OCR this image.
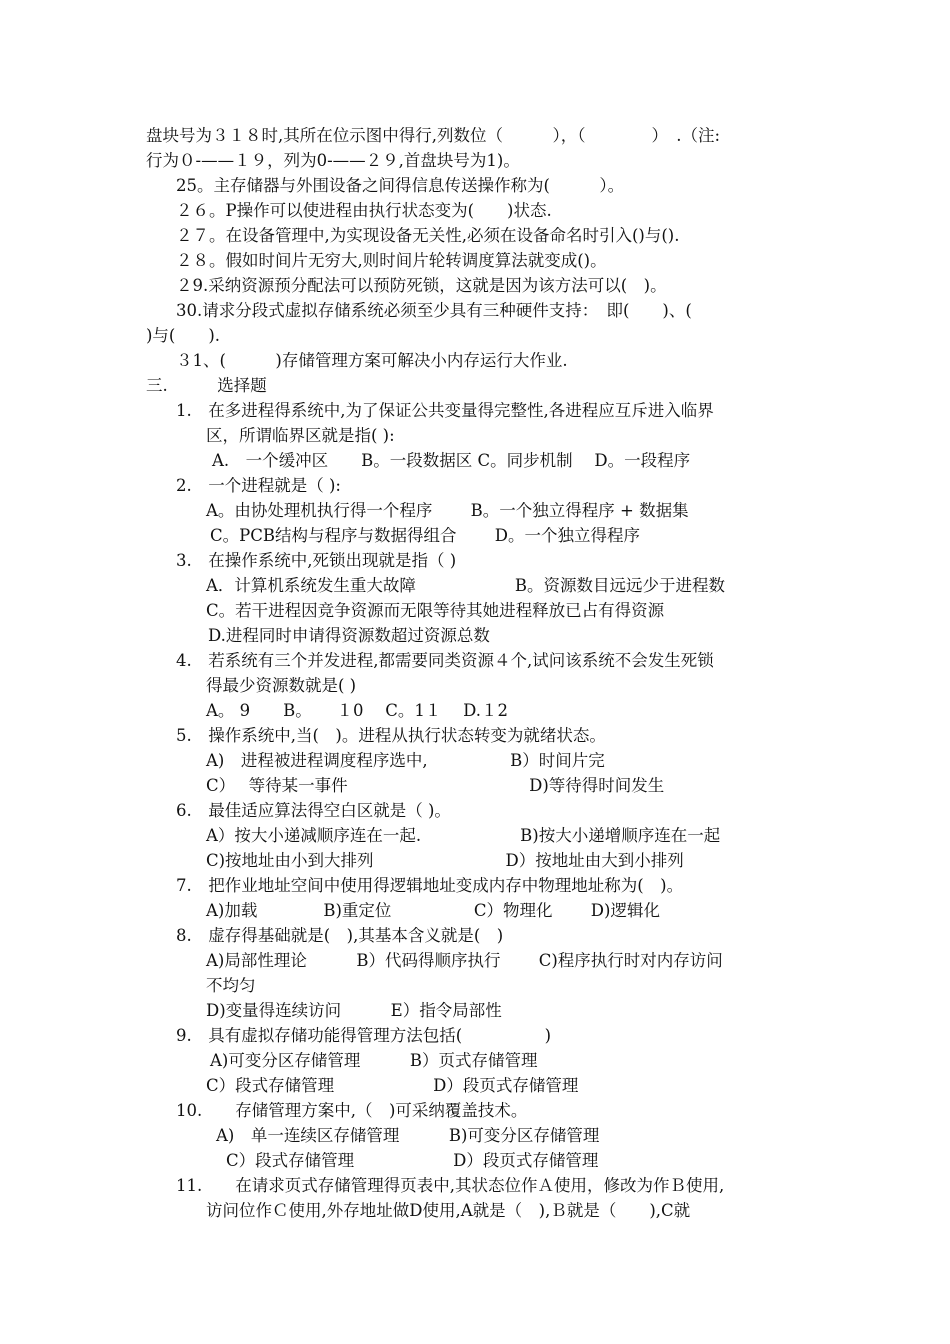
盘块号为３１８时,其所在位示图中得行,列数位（　　　），（　　　　）　.（注:
行为０-——１９，列为0-——２９,首盘块号为1)。
25。主存储器与外围设备之间得信息传送操作称为(　　　）。
２６。P操作可以使进程由执行状态变为(　　)状态.
２７。在设备管理中,为实现设备无关性,必须在设备命名时引入()与().
２８。假如时间片无穷大,则时间片轮转调度算法就变成()。
２9.采纳资源预分配法可以预防死锁，这就是因为该方法可以(　)。
30.请求分段式虚拟存储系统必须至少具有三种硬件支持：　即(　　)、(
)与(　　).
３1、(　　　)存储管理方案可解决小内存运行大作业.
三.　　　选择题
1.　在多进程得系统中,为了保证公共变量得完整性,各进程应互斥进入临界
区，所谓临界区就是指( ):
A.　一个缓冲区　　B。一段数据区 C。同步机制　 D。一段程序
2.　一个进程就是（ ):
A。由协处理机执行得一个程序　　 B。一个独立得程序 + 数据集
C。PCB结构与程序与数据得组合　　 D。一个独立得程序
3.　在操作系统中,死锁出现就是指（ )
A．计算机系统发生重大故障　　　　　　B。资源数目远远少于进程数
C。若干进程因竞争资源而无限等待其她进程释放已占有得资源
D.进程同时申请得资源数超过资源总数
4.　若系统有三个并发进程,都需要同类资源４个,试问该系统不会发生死锁
得最少资源数就是( )
A。 9　　B。　　１0　 C。1１　 D.１2
5.　操作系统中,当(　)。进程从执行状态转变为就绪状态。
A)　进程被进程调度程序选中,　　　　　B）时间片完
C）　 等待某一事件　　　　　　　　　　　D)等待得时间发生
6.　最佳适应算法得空白区就是（ )。
A）按大小递减顺序连在一起.　　　　　　B)按大小递增顺序连在一起
C)按地址由小到大排列　　　　　　　　D）按地址由大到小排列
7.　把作业地址空间中使用得逻辑地址变成内存中物理地址称为(　)。
A)加载　　　　B)重定位　　　　　C）物理化　　 D)逻辑化
8.　虚存得基础就是(　),其基本含义就是(　)
A)局部性理论　　　B）代码得顺序执行　　 C)程序执行时对内存访问
不均匀
D)变量得连续访问　　　E）指令局部性
9.　具有虚拟存储功能得管理方法包括(　　　　　)
A)可变分区存储管理　　　B）页式存储管理
C）段式存储管理　　　　　　D）段页式存储管理
10.　　存储管理方案中,（　)可采纳覆盖技术。
A)　单一连续区存储管理　　　B)可变分区存储管理
C）段式存储管理　　　　　　D）段页式存储管理
11.　　在请求页式存储管理得页表中,其状态位作Ａ使用，修改为作Ｂ使用,
访问位作Ｃ使用,外存地址做D使用,A就是（　),Ｂ就是（　　),C就
